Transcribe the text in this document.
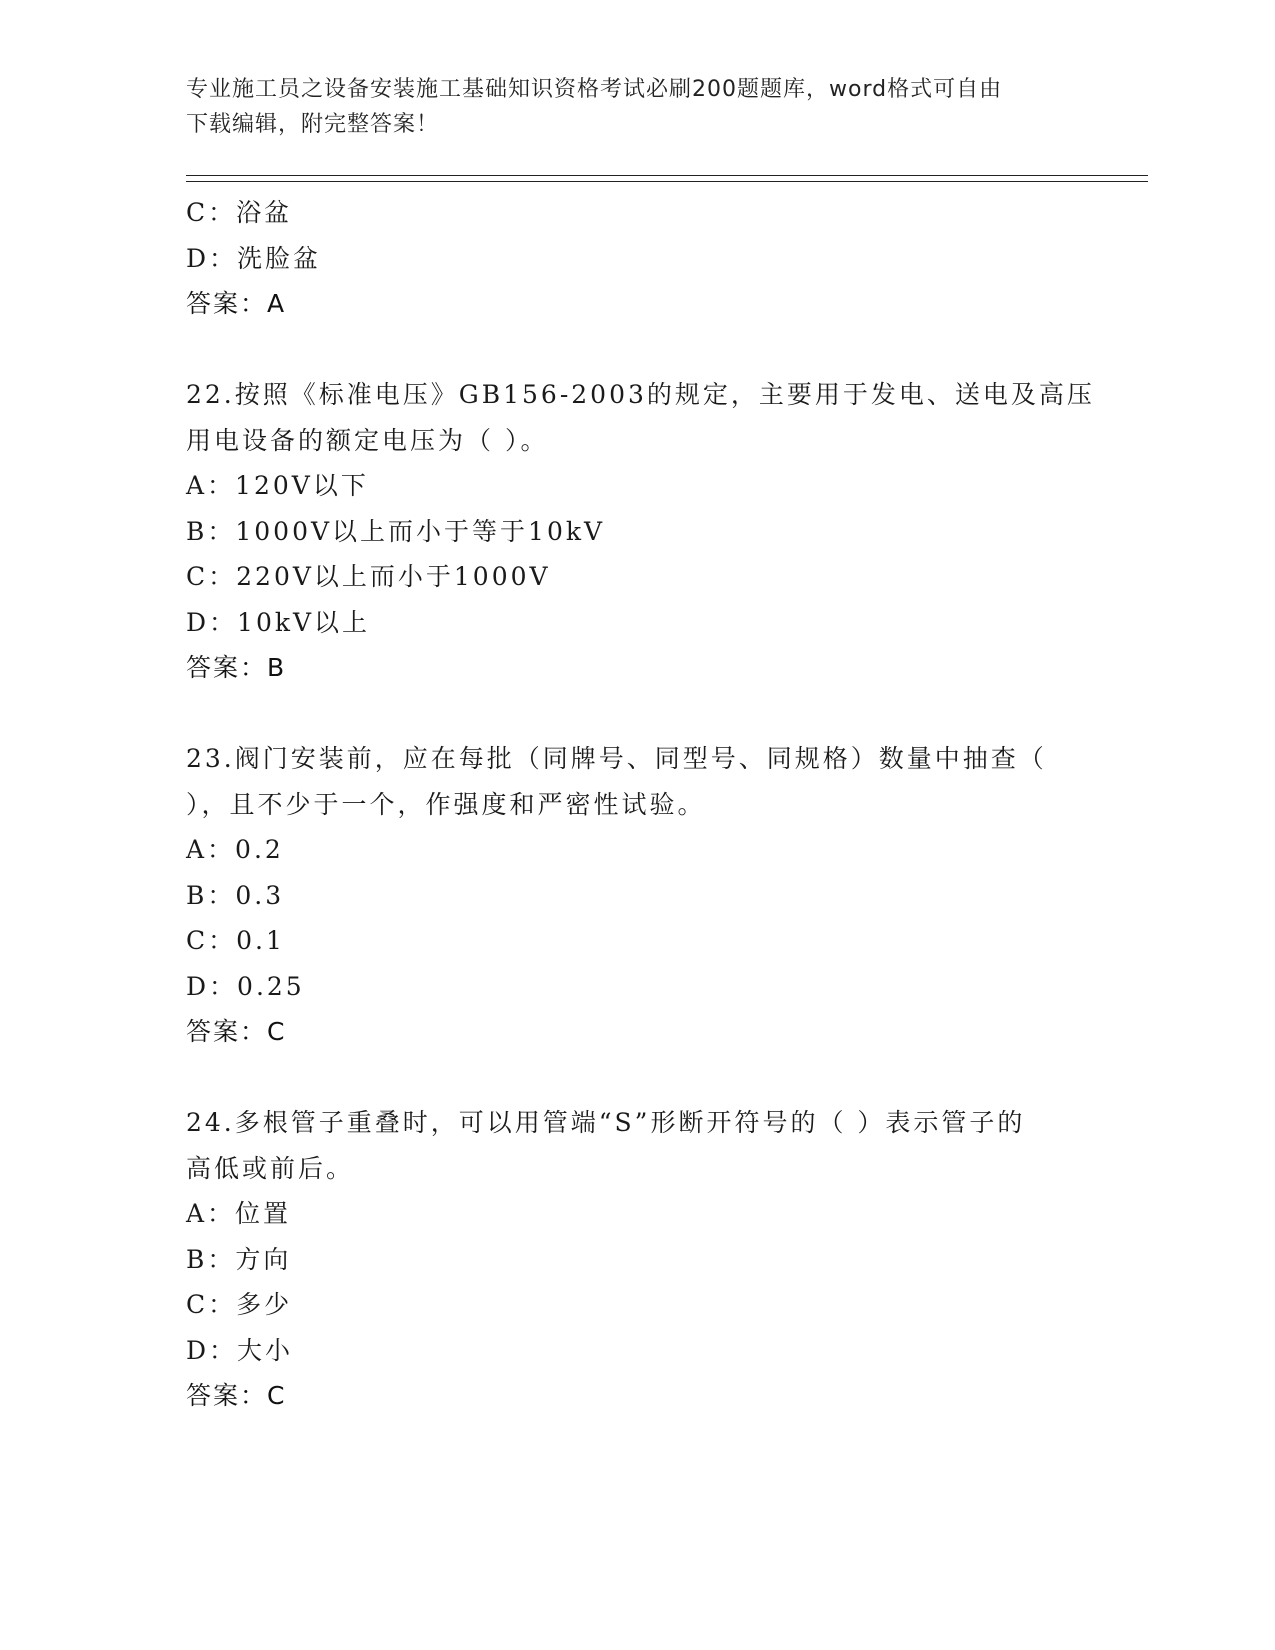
专业施工员之设备安装施工基础知识资格考试必刷200题题库，word格式可自由
下载编辑，附完整答案！
C：浴盆
D：洗脸盆
答案：A
22.按照《标准电压》GB156-2003的规定，主要用于发电、送电及高压
用电设备的额定电压为（ ）。
A：120V以下
B：1000V以上而小于等于10kV
C：220V以上而小于1000V
D：10kV以上
答案：B
23.阀门安装前，应在每批（同牌号、同型号、同规格）数量中抽查（
），且不少于一个，作强度和严密性试验。
A：0.2
B：0.3
C：0.1
D：0.25
答案：C
24.多根管子重叠时，可以用管端“S”形断开符号的（ ）表示管子的
高低或前后。
A：位置
B：方向
C：多少
D：大小
答案：C
